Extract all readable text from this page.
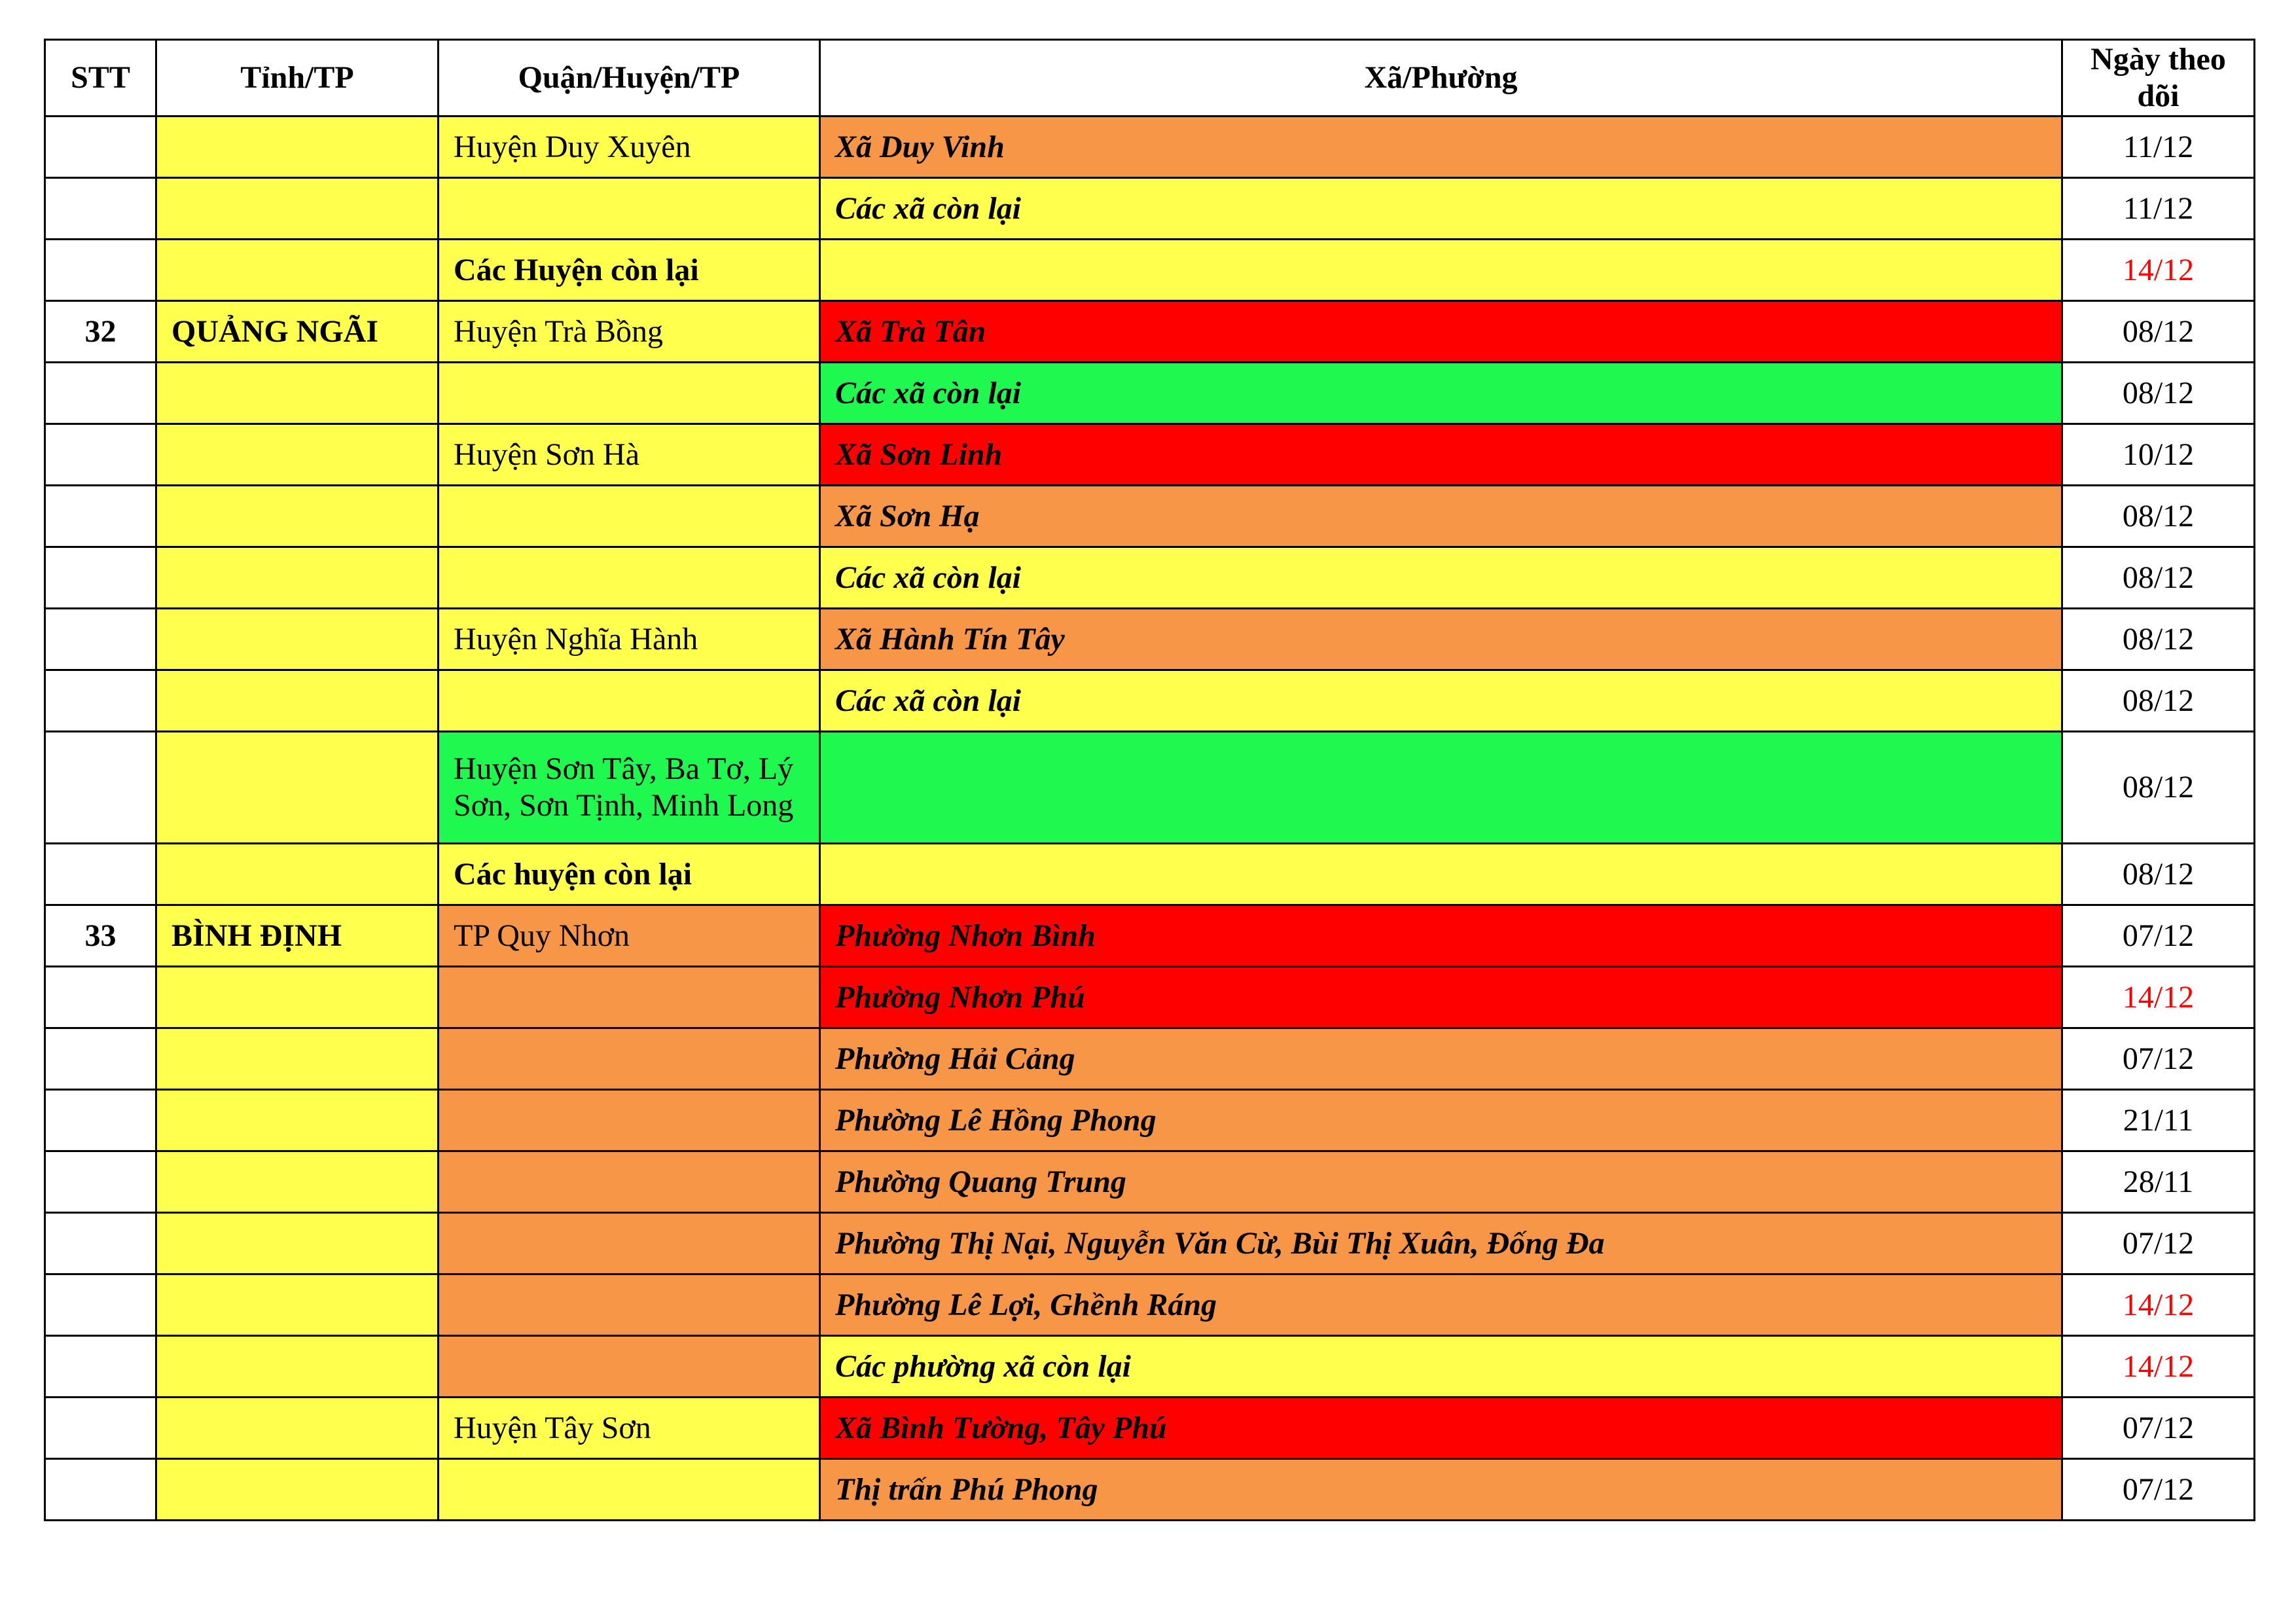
STT	Tỉnh/TP	Quận/Huyện/TP	Xã/Phường	Ngày theo dõi
		Huyện Duy Xuyên	Xã Duy Vinh	11/12
			Các xã còn lại	11/12
		Các Huyện còn lại		14/12
32	QUẢNG NGÃI	Huyện Trà Bồng	Xã Trà Tân	08/12
			Các xã còn lại	08/12
		Huyện Sơn Hà	Xã Sơn Linh	10/12
			Xã Sơn Hạ	08/12
			Các xã còn lại	08/12
		Huyện Nghĩa Hành	Xã Hành Tín Tây	08/12
			Các xã còn lại	08/12
		Huyện Sơn Tây, Ba Tơ, Lý Sơn, Sơn Tịnh, Minh Long		08/12
		Các huyện còn lại		08/12
33	BÌNH ĐỊNH	TP Quy Nhơn	Phường Nhơn Bình	07/12
			Phường Nhơn Phú	14/12
			Phường Hải Cảng	07/12
			Phường Lê Hồng Phong	21/11
			Phường Quang Trung	28/11
			Phường Thị Nại, Nguyễn Văn Cừ, Bùi Thị Xuân, Đống Đa	07/12
			Phường Lê Lợi, Ghềnh Ráng	14/12
			Các phường xã còn lại	14/12
		Huyện Tây Sơn	Xã Bình Tường, Tây Phú	07/12
			Thị trấn Phú Phong	07/12
